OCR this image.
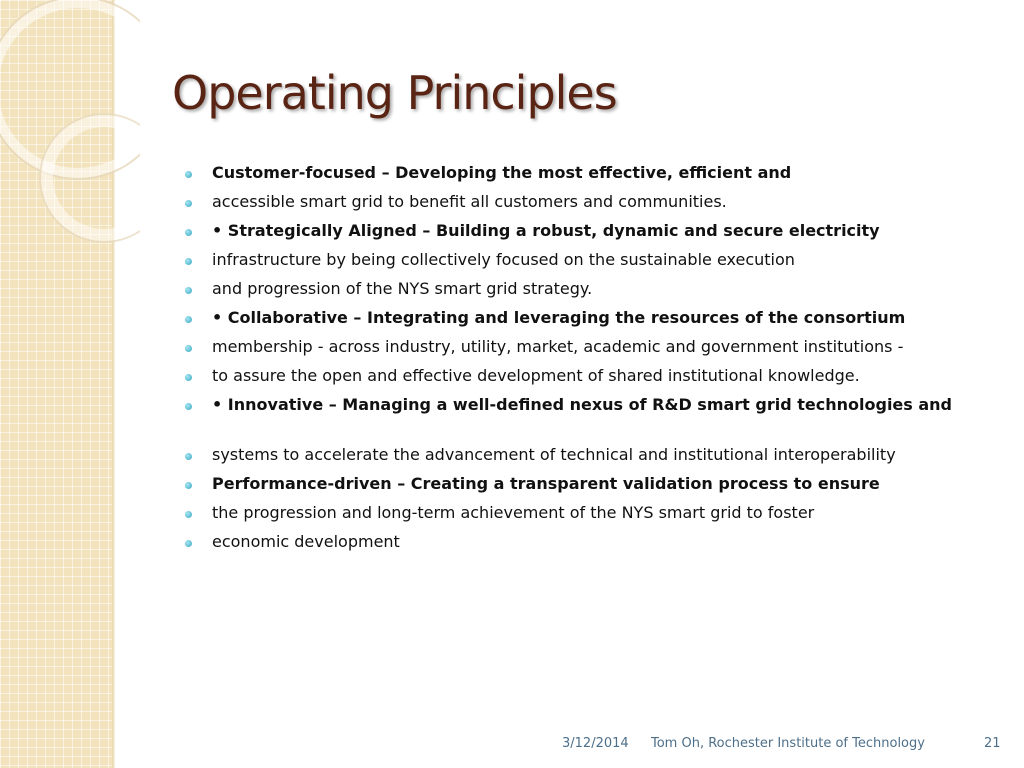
Operating Principles
Customer-focused – Developing the most effective, efficient and
accessible smart grid to benefit all customers and communities.
• Strategically Aligned – Building a robust, dynamic and secure electricity
infrastructure by being collectively focused on the sustainable execution
and progression of the NYS smart grid strategy.
• Collaborative – Integrating and leveraging the resources of the consortium
membership - across industry, utility, market, academic and government institutions -
to assure the open and effective development of shared institutional knowledge.
• Innovative – Managing a well-defined nexus of R&D smart grid technologies and
systems to accelerate the advancement of technical and institutional interoperability
Performance-driven – Creating a transparent validation process to ensure
the progression and long-term achievement of the NYS smart grid to foster
economic development
3/12/2014 Tom Oh, Rochester Institute of Technology	21
